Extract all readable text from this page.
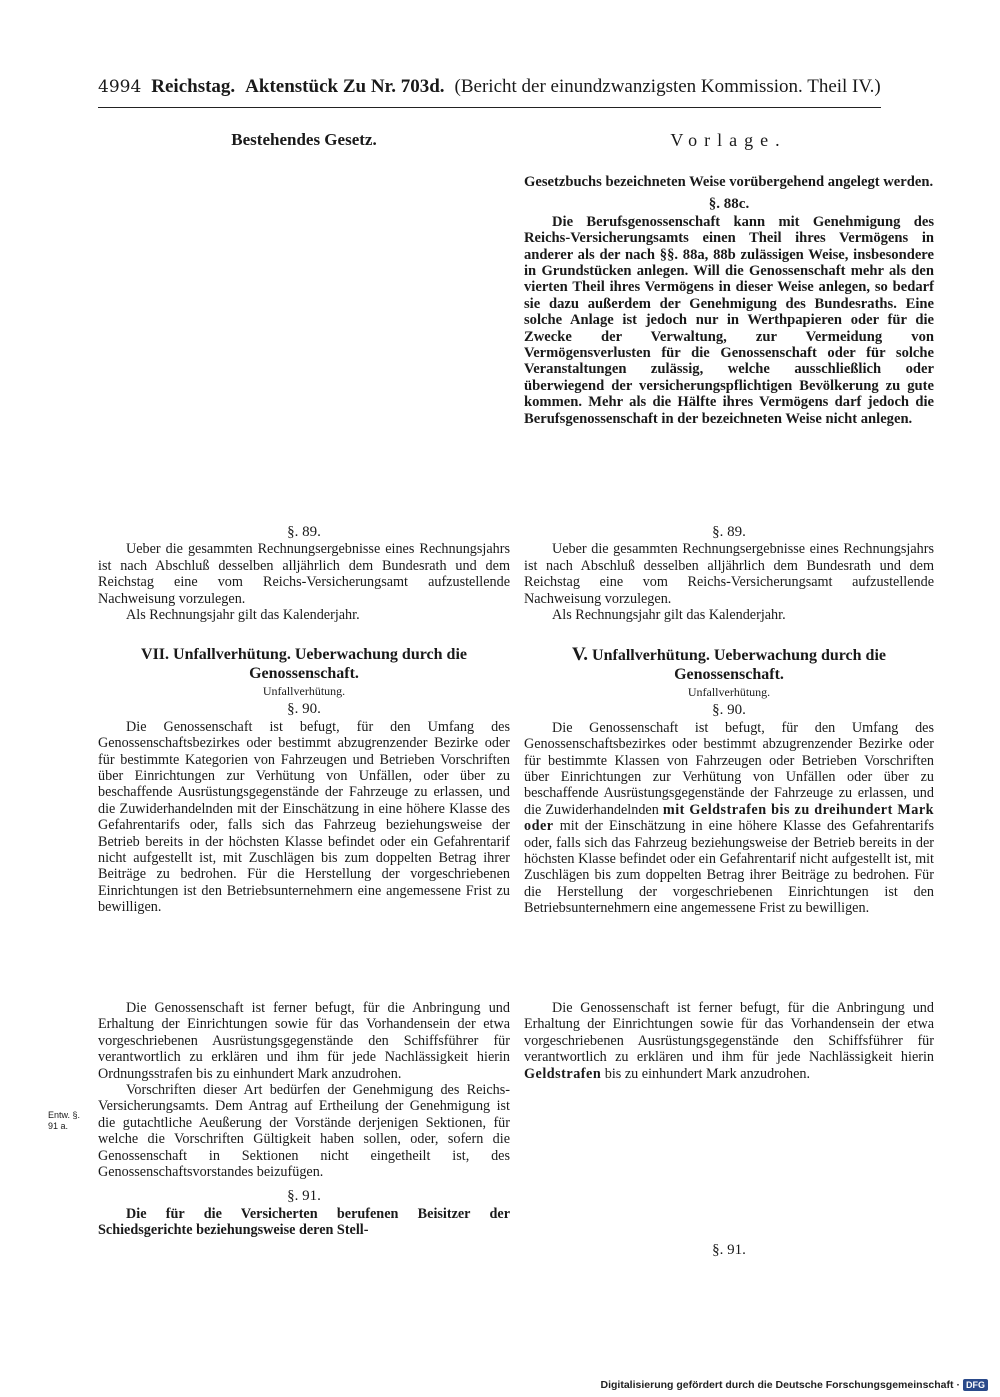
4994 Reichstag. Aktenstück Zu Nr. 703d. (Bericht der einundzwanzigsten Kommission. Theil IV.)
Bestehendes Gesetz.	Vorlage.

Gesetzbuchs bezeichneten Weise vorübergehend angelegt werden.

§. 88c.

Die Berufsgenossenschaft kann mit Genehmigung des Reichs-Versicherungsamts einen Theil ihres Vermögens in anderer als der nach §§. 88a, 88b zulässigen Weise, insbesondere in Grundstücken anlegen. Will die Genossenschaft mehr als den vierten Theil ihres Vermögens in dieser Weise anlegen, so bedarf sie dazu außerdem der Genehmigung des Bundesraths. Eine solche Anlage ist jedoch nur in Werthpapieren oder für die Zwecke der Verwaltung, zur Vermeidung von Vermögensverlusten für die Genossenschaft oder für solche Veranstaltungen zulässig, welche ausschließlich oder überwiegend der versicherungspflichtigen Bevölkerung zu gute kommen. Mehr als die Hälfte ihres Vermögens darf jedoch die Berufsgenossenschaft in der bezeichneten Weise nicht anlegen.

§. 89.

Ueber die gesammten Rechnungsergebnisse eines Rechnungsjahrs ist nach Abschluß desselben alljährlich dem Bundesrath und dem Reichstag eine vom Reichs-Versicherungsamt aufzustellende Nachweisung vorzulegen.

Als Rechnungsjahr gilt das Kalenderjahr.

§. 89.

Ueber die gesammten Rechnungsergebnisse eines Rechnungsjahrs ist nach Abschluß desselben alljährlich dem Bundesrath und dem Reichstag eine vom Reichs-Versicherungsamt aufzustellende Nachweisung vorzulegen.

Als Rechnungsjahr gilt das Kalenderjahr.

VII. Unfallverhütung. Ueberwachung durch die Genossenschaft.
Unfallverhütung.
§. 90.

Die Genossenschaft ist befugt, für den Umfang des Genossenschaftsbezirkes oder bestimmt abzugrenzender Bezirke oder für bestimmte Kategorien von Fahrzeugen und Betrieben Vorschriften über Einrichtungen zur Verhütung von Unfällen, oder über zu beschaffende Ausrüstungsgegenstände der Fahrzeuge zu erlassen, und die Zuwiderhandelnden mit der Einschätzung in eine höhere Klasse des Gefahrentarifs oder, falls sich das Fahrzeug beziehungsweise der Betrieb bereits in der höchsten Klasse befindet oder ein Gefahrentarif nicht aufgestellt ist, mit Zuschlägen bis zum doppelten Betrag ihrer Beiträge zu bedrohen. Für die Herstellung der vorgeschriebenen Einrichtungen ist den Betriebsunternehmern eine angemessene Frist zu bewilligen.

V. Unfallverhütung. Ueberwachung durch die Genossenschaft.
Unfallverhütung.
§. 90.

Die Genossenschaft ist befugt, für den Umfang des Genossenschaftsbezirkes oder bestimmt abzugrenzender Bezirke oder für bestimmte Klassen von Fahrzeugen oder Betrieben Vorschriften über Einrichtungen zur Verhütung von Unfällen oder über zu beschaffende Ausrüstungsgegenstände der Fahrzeuge zu erlassen, und die Zuwiderhandelnden mit Geldstrafen bis zu dreihundert Mark oder mit der Einschätzung in eine höhere Klasse des Gefahrentarifs oder, falls sich das Fahrzeug beziehungsweise der Betrieb bereits in der höchsten Klasse befindet oder ein Gefahrentarif nicht aufgestellt ist, mit Zuschlägen bis zum doppelten Betrag ihrer Beiträge zu bedrohen. Für die Herstellung der vorgeschriebenen Einrichtungen ist den Betriebsunternehmern eine angemessene Frist zu bewilligen.

Die Genossenschaft ist ferner befugt, für die Anbringung und Erhaltung der Einrichtungen sowie für das Vorhandensein der etwa vorgeschriebenen Ausrüstungsgegenstände den Schiffsführer für verantwortlich zu erklären und ihm für jede Nachlässigkeit hierin Ordnungsstrafen bis zu einhundert Mark anzudrohen.

Vorschriften dieser Art bedürfen der Genehmigung des Reichs-Versicherungsamts. Dem Antrag auf Ertheilung der Genehmigung ist die gutachtliche Aeußerung der Vorstände derjenigen Sektionen, für welche die Vorschriften Gültigkeit haben sollen, oder, sofern die Genossenschaft in Sektionen nicht eingetheilt ist, des Genossenschaftsvorstandes beizufügen.

§. 91.

Die für die Versicherten berufenen Beisitzer der Schiedsgerichte beziehungsweise deren Stell-

Die Genossenschaft ist ferner befugt, für die Anbringung und Erhaltung der Einrichtungen sowie für das Vorhandensein der etwa vorgeschriebenen Ausrüstungsgegenstände den Schiffsführer für verantwortlich zu erklären und ihm für jede Nachlässigkeit hierin Geldstrafen bis zu einhundert Mark anzudrohen.

§. 91.
Entw. §. 91 a.
Digitalisierung gefördert durch die Deutsche Forschungsgemeinschaft · DFG
